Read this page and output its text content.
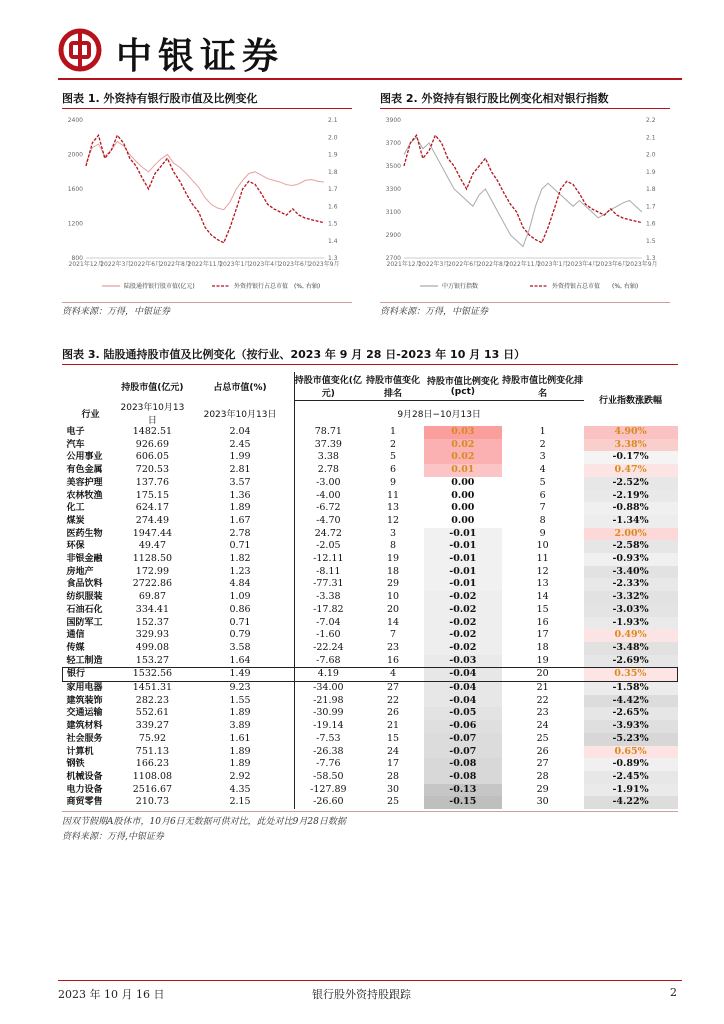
中银证券
图表 1. 外资持有银行股市值及比例变化
2400
2000
1600
1200
800
2.1
2.0
1.9
1.8
1.7
1.6
1.5
1.4
1.3
2021年12月
2022年3月
2022年6月
2022年8月
2022年11月
2023年1月
2023年4月
2023年6月
2023年9月
陆股通持银行股市值(亿元)	外资持银行占总市值 (%, 右轴)
资料来源：万得，中银证券
图表 2. 外资持有银行股比例变化相对银行指数
3900
3700
3500
3300
3100
2900
2700
2.2
2.1
2.0
1.9
1.8
1.7
1.6
1.5
1.3
2021年12月
2022年3月
2022年6月
2022年8月
2022年11月
2023年1月
2023年4月
2023年6月
2023年9月
中万银行指数	外资持银占总市值 (%, 右轴)
资料来源：万得，中银证券
图表 3. 陆股通持股市值及比例变化（按行业、2023 年 9 月 28 日-2023 年 10 月 13 日）
	持股市值(亿元)	占总市值(%)	持股市值变化(亿元)	持股市值变化排名	持股市值比例变化(pct)	持股市值比例变化排名	行业指数涨跌幅
行业	2023年10月13日	2023年10月13日	9月28日−10月13日				
电子	1482.51	2.04	78.71	1	0.03	1	4.90%
汽车	926.69	2.45	37.39	2	0.02	2	3.38%
公用事业	606.05	1.99	3.38	5	0.02	3	-0.17%
有色金属	720.53	2.81	2.78	6	0.01	4	0.47%
美容护理	137.76	3.57	-3.00	9	0.00	5	-2.52%
农林牧渔	175.15	1.36	-4.00	11	0.00	6	-2.19%
化工	624.17	1.89	-6.72	13	0.00	7	-0.88%
煤炭	274.49	1.67	-4.70	12	0.00	8	-1.34%
医药生物	1947.44	2.78	24.72	3	-0.01	9	2.00%
环保	49.47	0.71	-2.05	8	-0.01	10	-2.58%
非银金融	1128.50	1.82	-12.11	19	-0.01	11	-0.93%
房地产	172.99	1.23	-8.11	18	-0.01	12	-3.40%
食品饮料	2722.86	4.84	-77.31	29	-0.01	13	-2.33%
纺织服装	69.87	1.09	-3.38	10	-0.02	14	-3.32%
石油石化	334.41	0.86	-17.82	20	-0.02	15	-3.03%
国防军工	152.37	0.71	-7.04	14	-0.02	16	-1.93%
通信	329.93	0.79	-1.60	7	-0.02	17	0.49%
传媒	499.08	3.58	-22.24	23	-0.02	18	-3.48%
轻工制造	153.27	1.64	-7.68	16	-0.03	19	-2.69%
银行	1532.56	1.49	4.19	4	-0.04	20	0.35%
家用电器	1451.31	9.23	-34.00	27	-0.04	21	-1.58%
建筑装饰	282.23	1.55	-21.98	22	-0.04	22	-4.42%
交通运输	552.61	1.89	-30.99	26	-0.05	23	-2.65%
建筑材料	339.27	3.89	-19.14	21	-0.06	24	-3.93%
社会服务	75.92	1.61	-7.53	15	-0.07	25	-5.23%
计算机	751.13	1.89	-26.38	24	-0.07	26	0.65%
钢铁	166.23	1.89	-7.76	17	-0.08	27	-0.89%
机械设备	1108.08	2.92	-58.50	28	-0.08	28	-2.45%
电力设备	2516.67	4.35	-127.89	30	-0.13	29	-1.91%
商贸零售	210.73	2.15	-26.60	25	-0.15	30	-4.22%
因双节假期A股休市，10月6日无数据可供对比，此处对比9月28日数据
资料来源：万得,中银证券
2023 年 10 月 16 日	银行股外资持股跟踪	2
